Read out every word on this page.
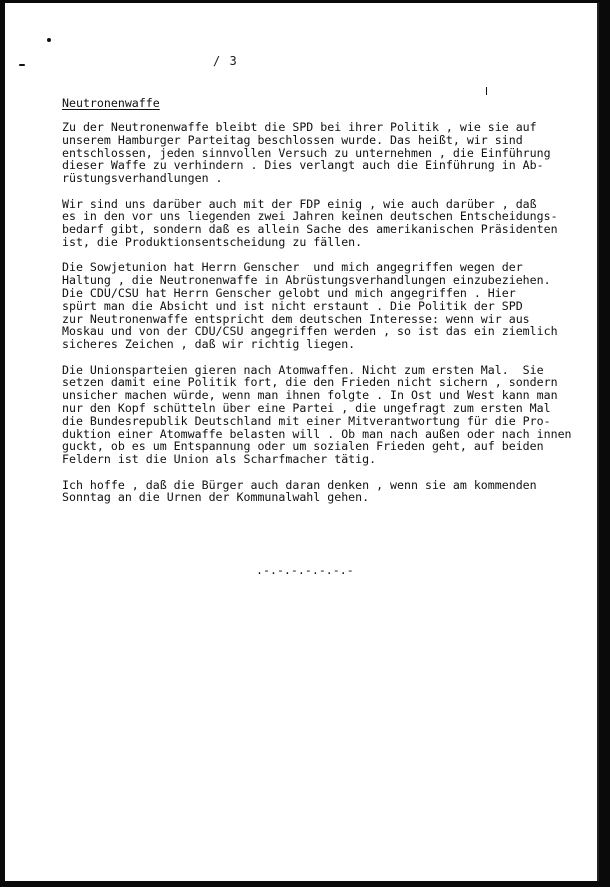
/ 3
Neutronenwaffe

Zu der Neutronenwaffe bleibt die SPD bei ihrer Politik , wie sie auf
unserem Hamburger Parteitag beschlossen wurde. Das heißt, wir sind
entschlossen, jeden sinnvollen Versuch zu unternehmen , die Einführung
dieser Waffe zu verhindern . Dies verlangt auch die Einführung in Ab-
rüstungsverhandlungen .

Wir sind uns darüber auch mit der FDP einig , wie auch darüber , daß
es in den vor uns liegenden zwei Jahren keinen deutschen Entscheidungs-
bedarf gibt, sondern daß es allein Sache des amerikanischen Präsidenten
ist, die Produktionsentscheidung zu fällen.

Die Sowjetunion hat Herrn Genscher  und mich angegriffen wegen der
Haltung , die Neutronenwaffe in Abrüstungsverhandlungen einzubeziehen.
Die CDU/CSU hat Herrn Genscher gelobt und mich angegriffen . Hier
spürt man die Absicht und ist nicht erstaunt . Die Politik der SPD
zur Neutronenwaffe entspricht dem deutschen Interesse: wenn wir aus
Moskau und von der CDU/CSU angegriffen werden , so ist das ein ziemlich
sicheres Zeichen , daß wir richtig liegen.

Die Unionsparteien gieren nach Atomwaffen. Nicht zum ersten Mal.  Sie
setzen damit eine Politik fort, die den Frieden nicht sichern , sondern
unsicher machen würde, wenn man ihnen folgte . In Ost und West kann man
nur den Kopf schütteln über eine Partei , die ungefragt zum ersten Mal
die Bundesrepublik Deutschland mit einer Mitverantwortung für die Pro-
duktion einer Atomwaffe belasten will . Ob man nach außen oder nach innen
guckt, ob es um Entspannung oder um sozialen Frieden geht, auf beiden
Feldern ist die Union als Scharfmacher tätig.

Ich hoffe , daß die Bürger auch daran denken , wenn sie am kommenden
Sonntag an die Urnen der Kommunalwahl gehen.

.-.-.-.-.-.-.-
